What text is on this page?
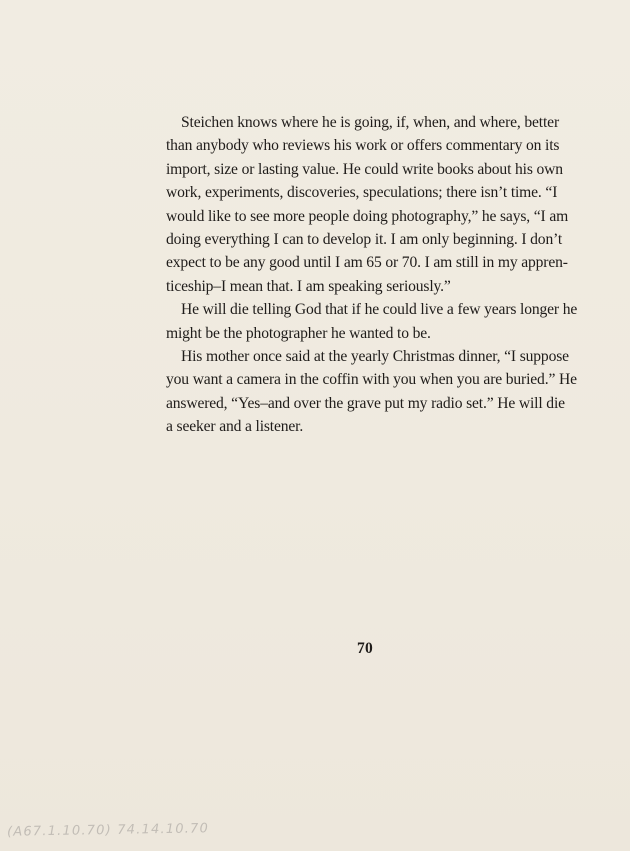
Steichen knows where he is going, if, when, and where, better
than anybody who reviews his work or offers commentary on its
import, size or lasting value. He could write books about his own
work, experiments, discoveries, speculations; there isn’t time. “I
would like to see more people doing photography,” he says, “I am
doing everything I can to develop it. I am only beginning. I don’t
expect to be any good until I am 65 or 70. I am still in my appren-
ticeship–I mean that. I am speaking seriously.”

He will die telling God that if he could live a few years longer he
might be the photographer he wanted to be.

His mother once said at the yearly Christmas dinner, “I suppose
you want a camera in the coffin with you when you are buried.” He
answered, “Yes–and over the grave put my radio set.” He will die
a seeker and a listener.

70
(A67.1.10.70) 74.14.10.70
